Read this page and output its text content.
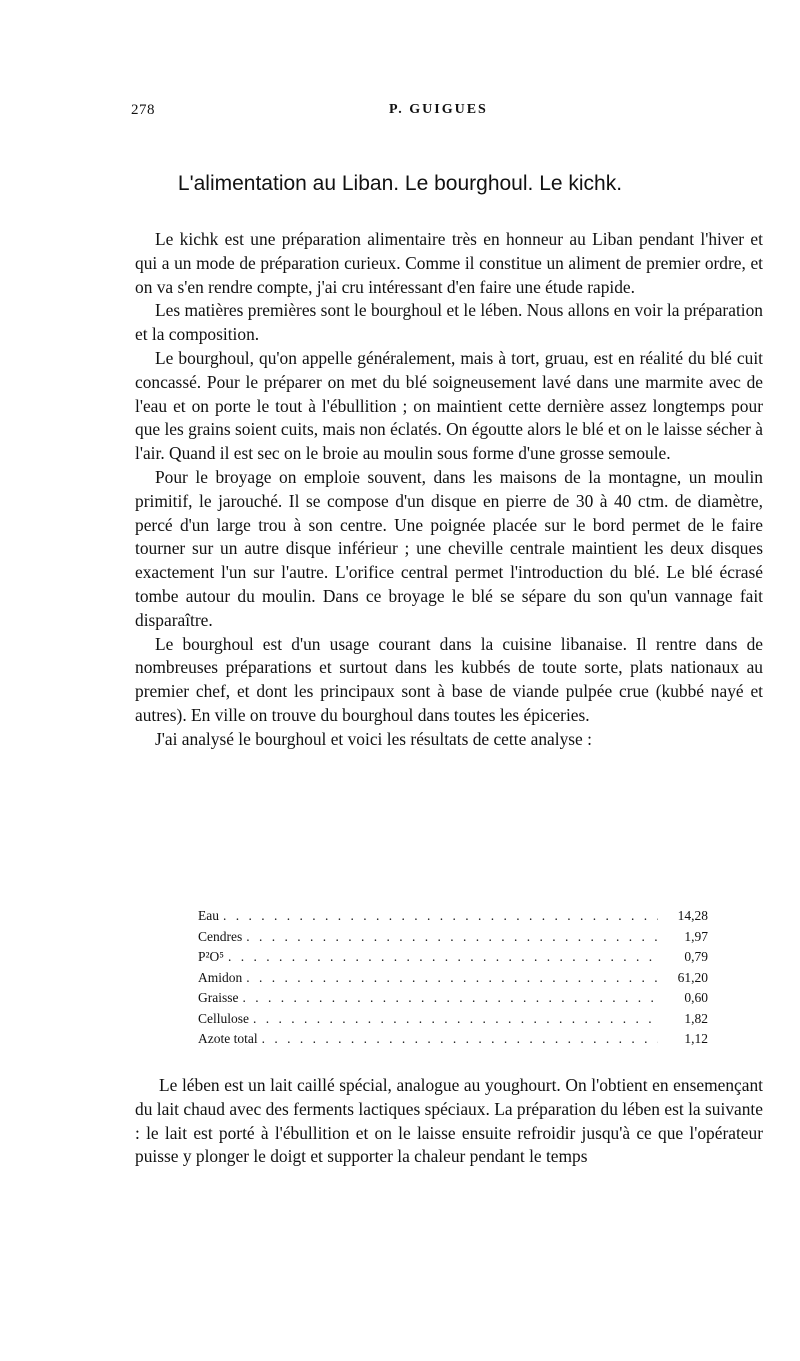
278	P. GUIGUES
L'alimentation au Liban. Le bourghoul. Le kichk.

Le kichk est une préparation alimentaire très en honneur au Liban pendant l'hiver et qui a un mode de préparation curieux. Comme il constitue un aliment de premier ordre, et on va s'en rendre compte, j'ai cru intéressant d'en faire une étude rapide.

Les matières premières sont le bourghoul et le lében. Nous allons en voir la préparation et la composition.

Le bourghoul, qu'on appelle généralement, mais à tort, gruau, est en réalité du blé cuit concassé. Pour le préparer on met du blé soigneusement lavé dans une marmite avec de l'eau et on porte le tout à l'ébullition ; on maintient cette dernière assez longtemps pour que les grains soient cuits, mais non éclatés. On égoutte alors le blé et on le laisse sécher à l'air. Quand il est sec on le broie au moulin sous forme d'une grosse semoule.

Pour le broyage on emploie souvent, dans les maisons de la montagne, un moulin primitif, le jarouché. Il se compose d'un disque en pierre de 30 à 40 ctm. de diamètre, percé d'un large trou à son centre. Une poignée placée sur le bord permet de le faire tourner sur un autre disque inférieur ; une cheville centrale maintient les deux disques exactement l'un sur l'autre. L'orifice central permet l'introduction du blé. Le blé écrasé tombe autour du moulin. Dans ce broyage le blé se sépare du son qu'un vannage fait disparaître.

Le bourghoul est d'un usage courant dans la cuisine libanaise. Il rentre dans de nombreuses préparations et surtout dans les kubbés de toute sorte, plats nationaux au premier chef, et dont les principaux sont à base de viande pulpée crue (kubbé nayé et autres). En ville on trouve du bourghoul dans toutes les épiceries.

J'ai analysé le bourghoul et voici les résultats de cette analyse :

Eau . . .	14,28
Cendres . . .	1,97
P²O⁵ . . .	0,79
Amidon . . .	61,20
Graisse . . .	0,60
Cellulose . . .	1,82
Azote total . . .	1,12

Le lében est un lait caillé spécial, analogue au youghourt. On l'obtient en ensemençant du lait chaud avec des ferments lactiques spéciaux. La préparation du lében est la suivante : le lait est porté à l'ébullition et on le laisse ensuite refroidir jusqu'à ce que l'opérateur puisse y plonger le doigt et supporter la chaleur pendant le temps
